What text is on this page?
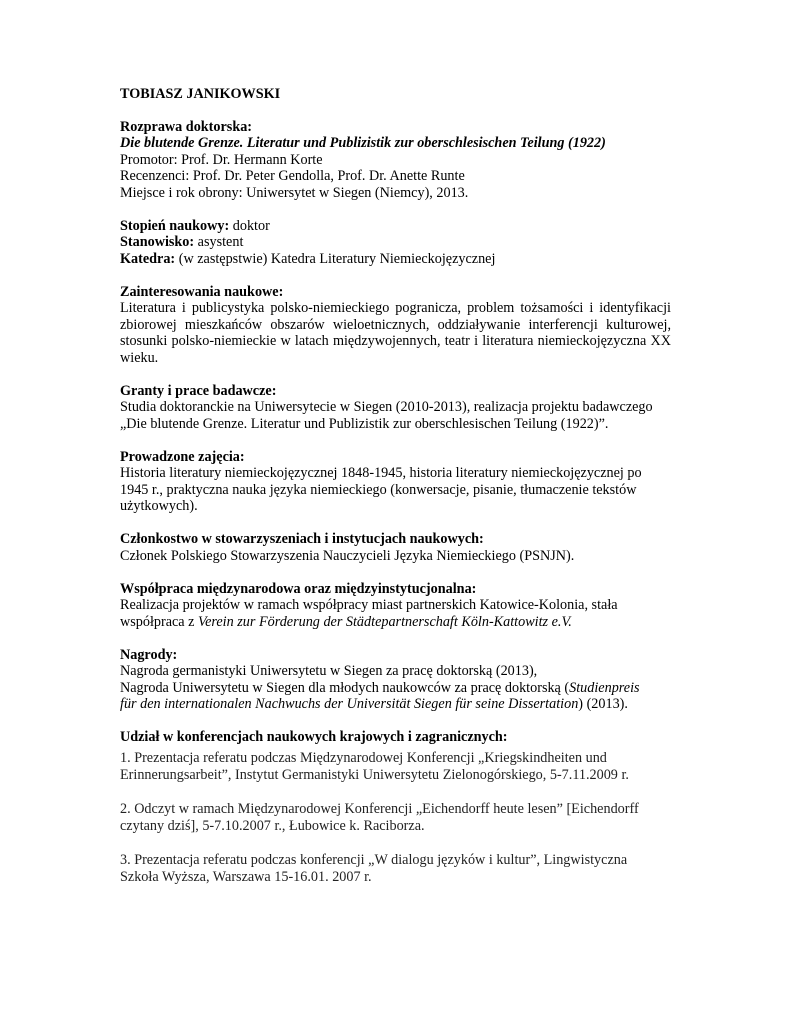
TOBIASZ JANIKOWSKI
Rozprawa doktorska:
Die blutende Grenze. Literatur und Publizistik zur oberschlesischen Teilung (1922)
Promotor: Prof. Dr. Hermann Korte
Recenzenci: Prof. Dr. Peter Gendolla, Prof. Dr. Anette Runte
Miejsce i rok obrony: Uniwersytet w Siegen (Niemcy), 2013.
Stopień naukowy: doktor
Stanowisko: asystent
Katedra: (w zastępstwie) Katedra Literatury Niemieckojęzycznej
Zainteresowania naukowe:
Literatura i publicystyka polsko-niemieckiego pogranicza, problem tożsamości i identyfikacji zbiorowej mieszkańców obszarów wieloetnicznych, oddziaływanie interferencji kulturowej, stosunki polsko-niemieckie w latach międzywojennych, teatr i literatura niemieckojęzyczna XX wieku.
Granty i prace badawcze:
Studia doktoranckie na Uniwersytecie w Siegen (2010-2013), realizacja projektu badawczego
„Die blutende Grenze. Literatur und Publizistik zur oberschlesischen Teilung (1922)”.
Prowadzone zajęcia:
Historia literatury niemieckojęzycznej 1848-1945, historia literatury niemieckojęzycznej po
1945 r., praktyczna nauka języka niemieckiego (konwersacje, pisanie, tłumaczenie tekstów
użytkowych).
Członkostwo w stowarzyszeniach i instytucjach naukowych:
Członek Polskiego Stowarzyszenia Nauczycieli Języka Niemieckiego (PSNJN).
Współpraca międzynarodowa oraz międzyinstytucjonalna:
Realizacja projektów w ramach współpracy miast partnerskich Katowice-Kolonia, stała
współpraca z Verein zur Förderung der Städtepartnerschaft Köln-Kattowitz e.V.
Nagrody:
Nagroda germanistyki Uniwersytetu w Siegen za pracę doktorską (2013),
Nagroda Uniwersytetu w Siegen dla młodych naukowców za pracę doktorską (Studienpreis
für den internationalen Nachwuchs der Universität Siegen für seine Dissertation) (2013).
Udział w konferencjach naukowych krajowych i zagranicznych:
1. Prezentacja referatu podczas Międzynarodowej Konferencji „Kriegskindheiten und
Erinnerungsarbeit”, Instytut Germanistyki Uniwersytetu Zielonogórskiego, 5-7.11.2009 r.
2. Odczyt w ramach Międzynarodowej Konferencji „Eichendorff heute lesen” [Eichendorff
czytany dziś], 5-7.10.2007 r., Łubowice k. Raciborza.
3. Prezentacja referatu podczas konferencji „W dialogu języków i kultur”, Lingwistyczna
Szkoła Wyższa, Warszawa 15-16.01. 2007 r.
